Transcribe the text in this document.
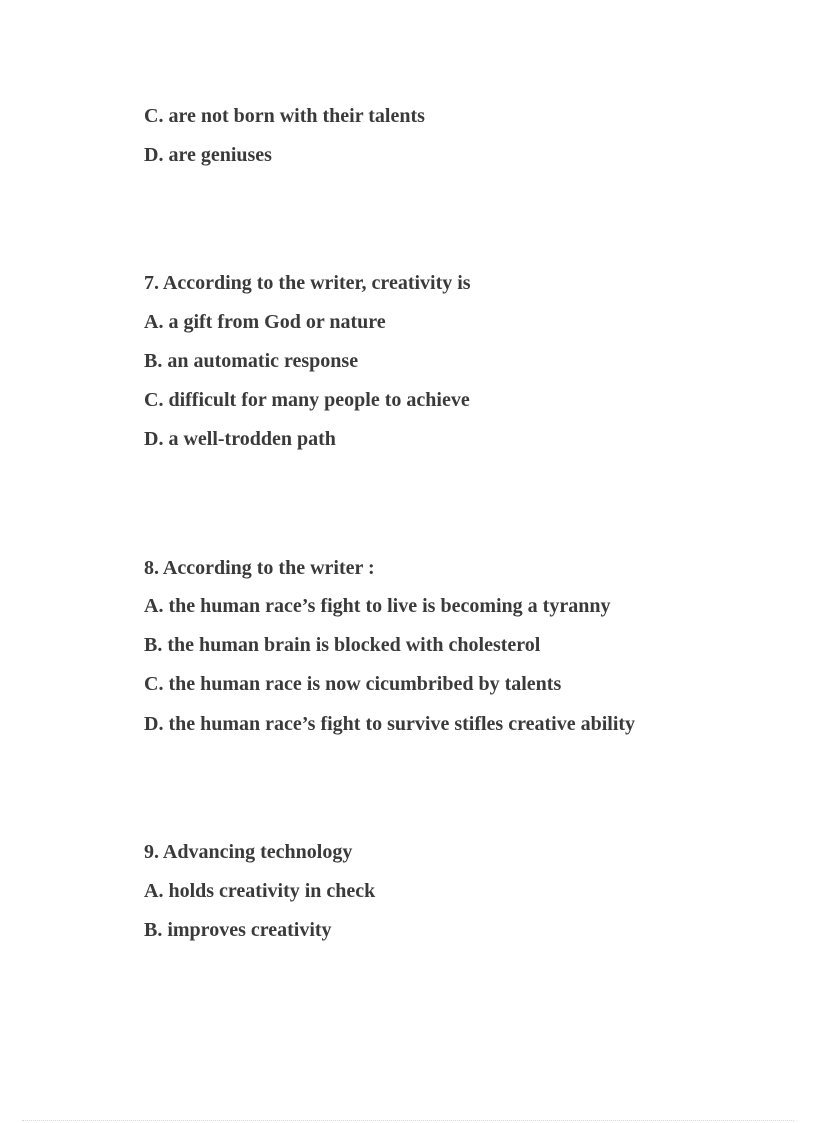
C. are not born with their talents
D. are geniuses
7. According to the writer, creativity is
A. a gift from God or nature
B. an automatic response
C. difficult for many people to achieve
D. a well-trodden path
8. According to the writer :
A. the human race’s fight to live is becoming a tyranny
B. the human brain is blocked with cholesterol
C. the human race is now cicumbribed by talents
D. the human race’s fight to survive stifles creative ability
9. Advancing technology
A. holds creativity in check
B. improves creativity
